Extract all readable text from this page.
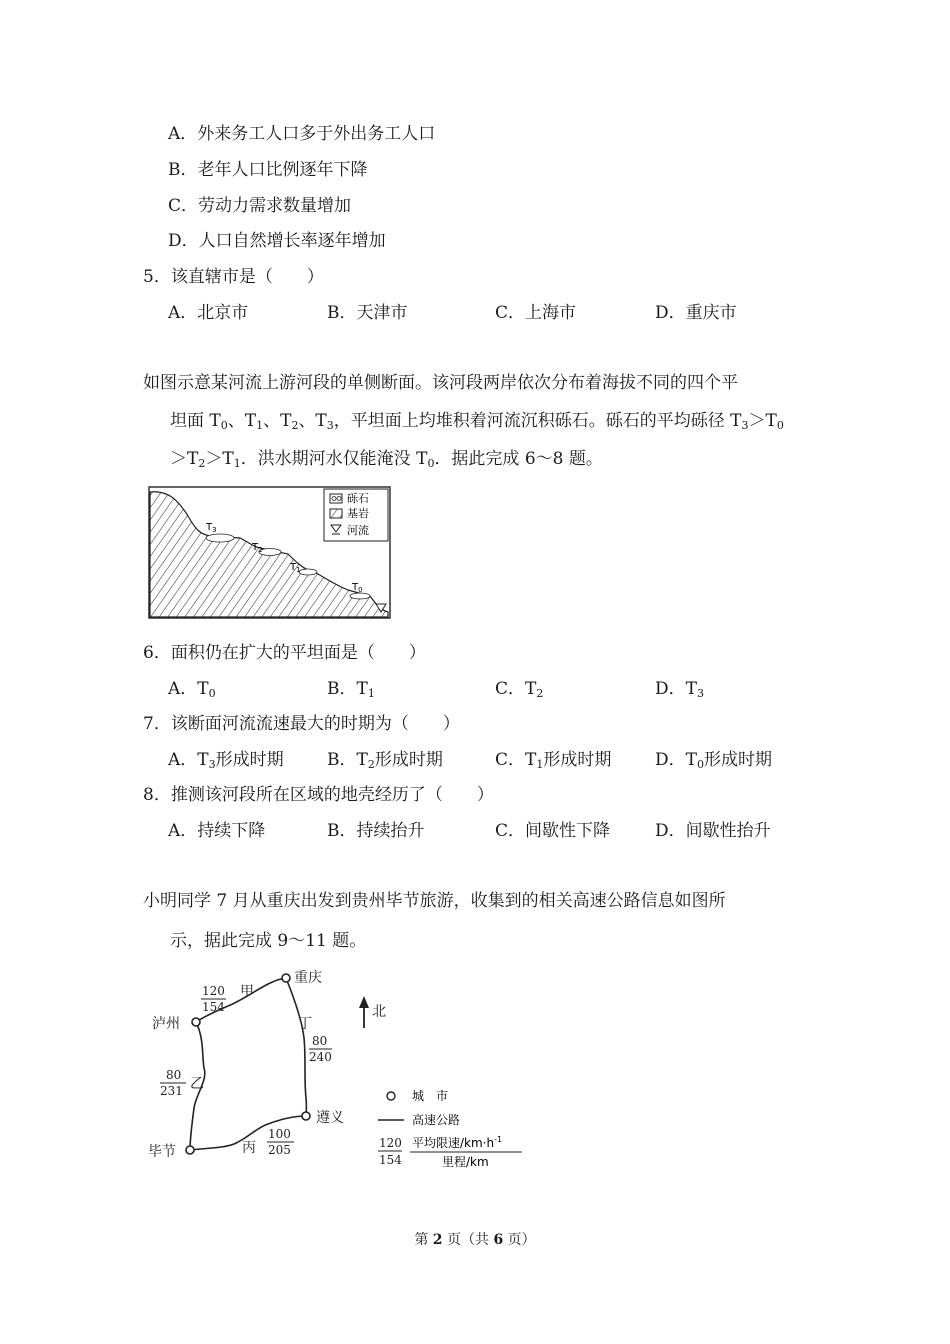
A．外来务工人口多于外出务工人口
B．老年人口比例逐年下降
C．劳动力需求数量增加
D．人口自然增长率逐年增加
5．该直辖市是（　　）
A．北京市	B．天津市	C．上海市	D．重庆市
如图示意某河流上游河段的单侧断面。该河段两岸依次分布着海拔不同的四个平
坦面 $T_0$、$T_1$、$T_2$、$T_3$，平坦面上均堆积着河流沉积砾石。砾石的平均砾径 $T_3>T_0$
$>T_2>T_1$．洪水期河水仅能淹没 $T_0$．据此完成 6～8 题。
$T_3$
$T_2$
$T_1$
$T_0$
砾石
基岩
河流
6．面积仍在扩大的平坦面是（　　）
A．$T_0$	B．$T_1$	C．$T_2$	D．$T_3$
7．该断面河流流速最大的时期为（　　）
A．$T_3$形成时期	B．$T_2$形成时期	C．$T_1$形成时期	D．$T_0$形成时期
8．推测该河段所在区域的地壳经历了（　　）
A．持续下降	B．持续抬升	C．间歇性下降	D．间歇性抬升
小明同学 7 月从重庆出发到贵州毕节旅游，收集到的相关高速公路信息如图所
示，据此完成 9～11 题。
重庆
泸州
毕节
遵义
甲
乙
丙
丁
120
154
80
231
100
205
80
240
北
城　市
高速公路
120
154
平均限速$/km\cdot h^{-1}$
里程/km
第 2 页（共 6 页）
